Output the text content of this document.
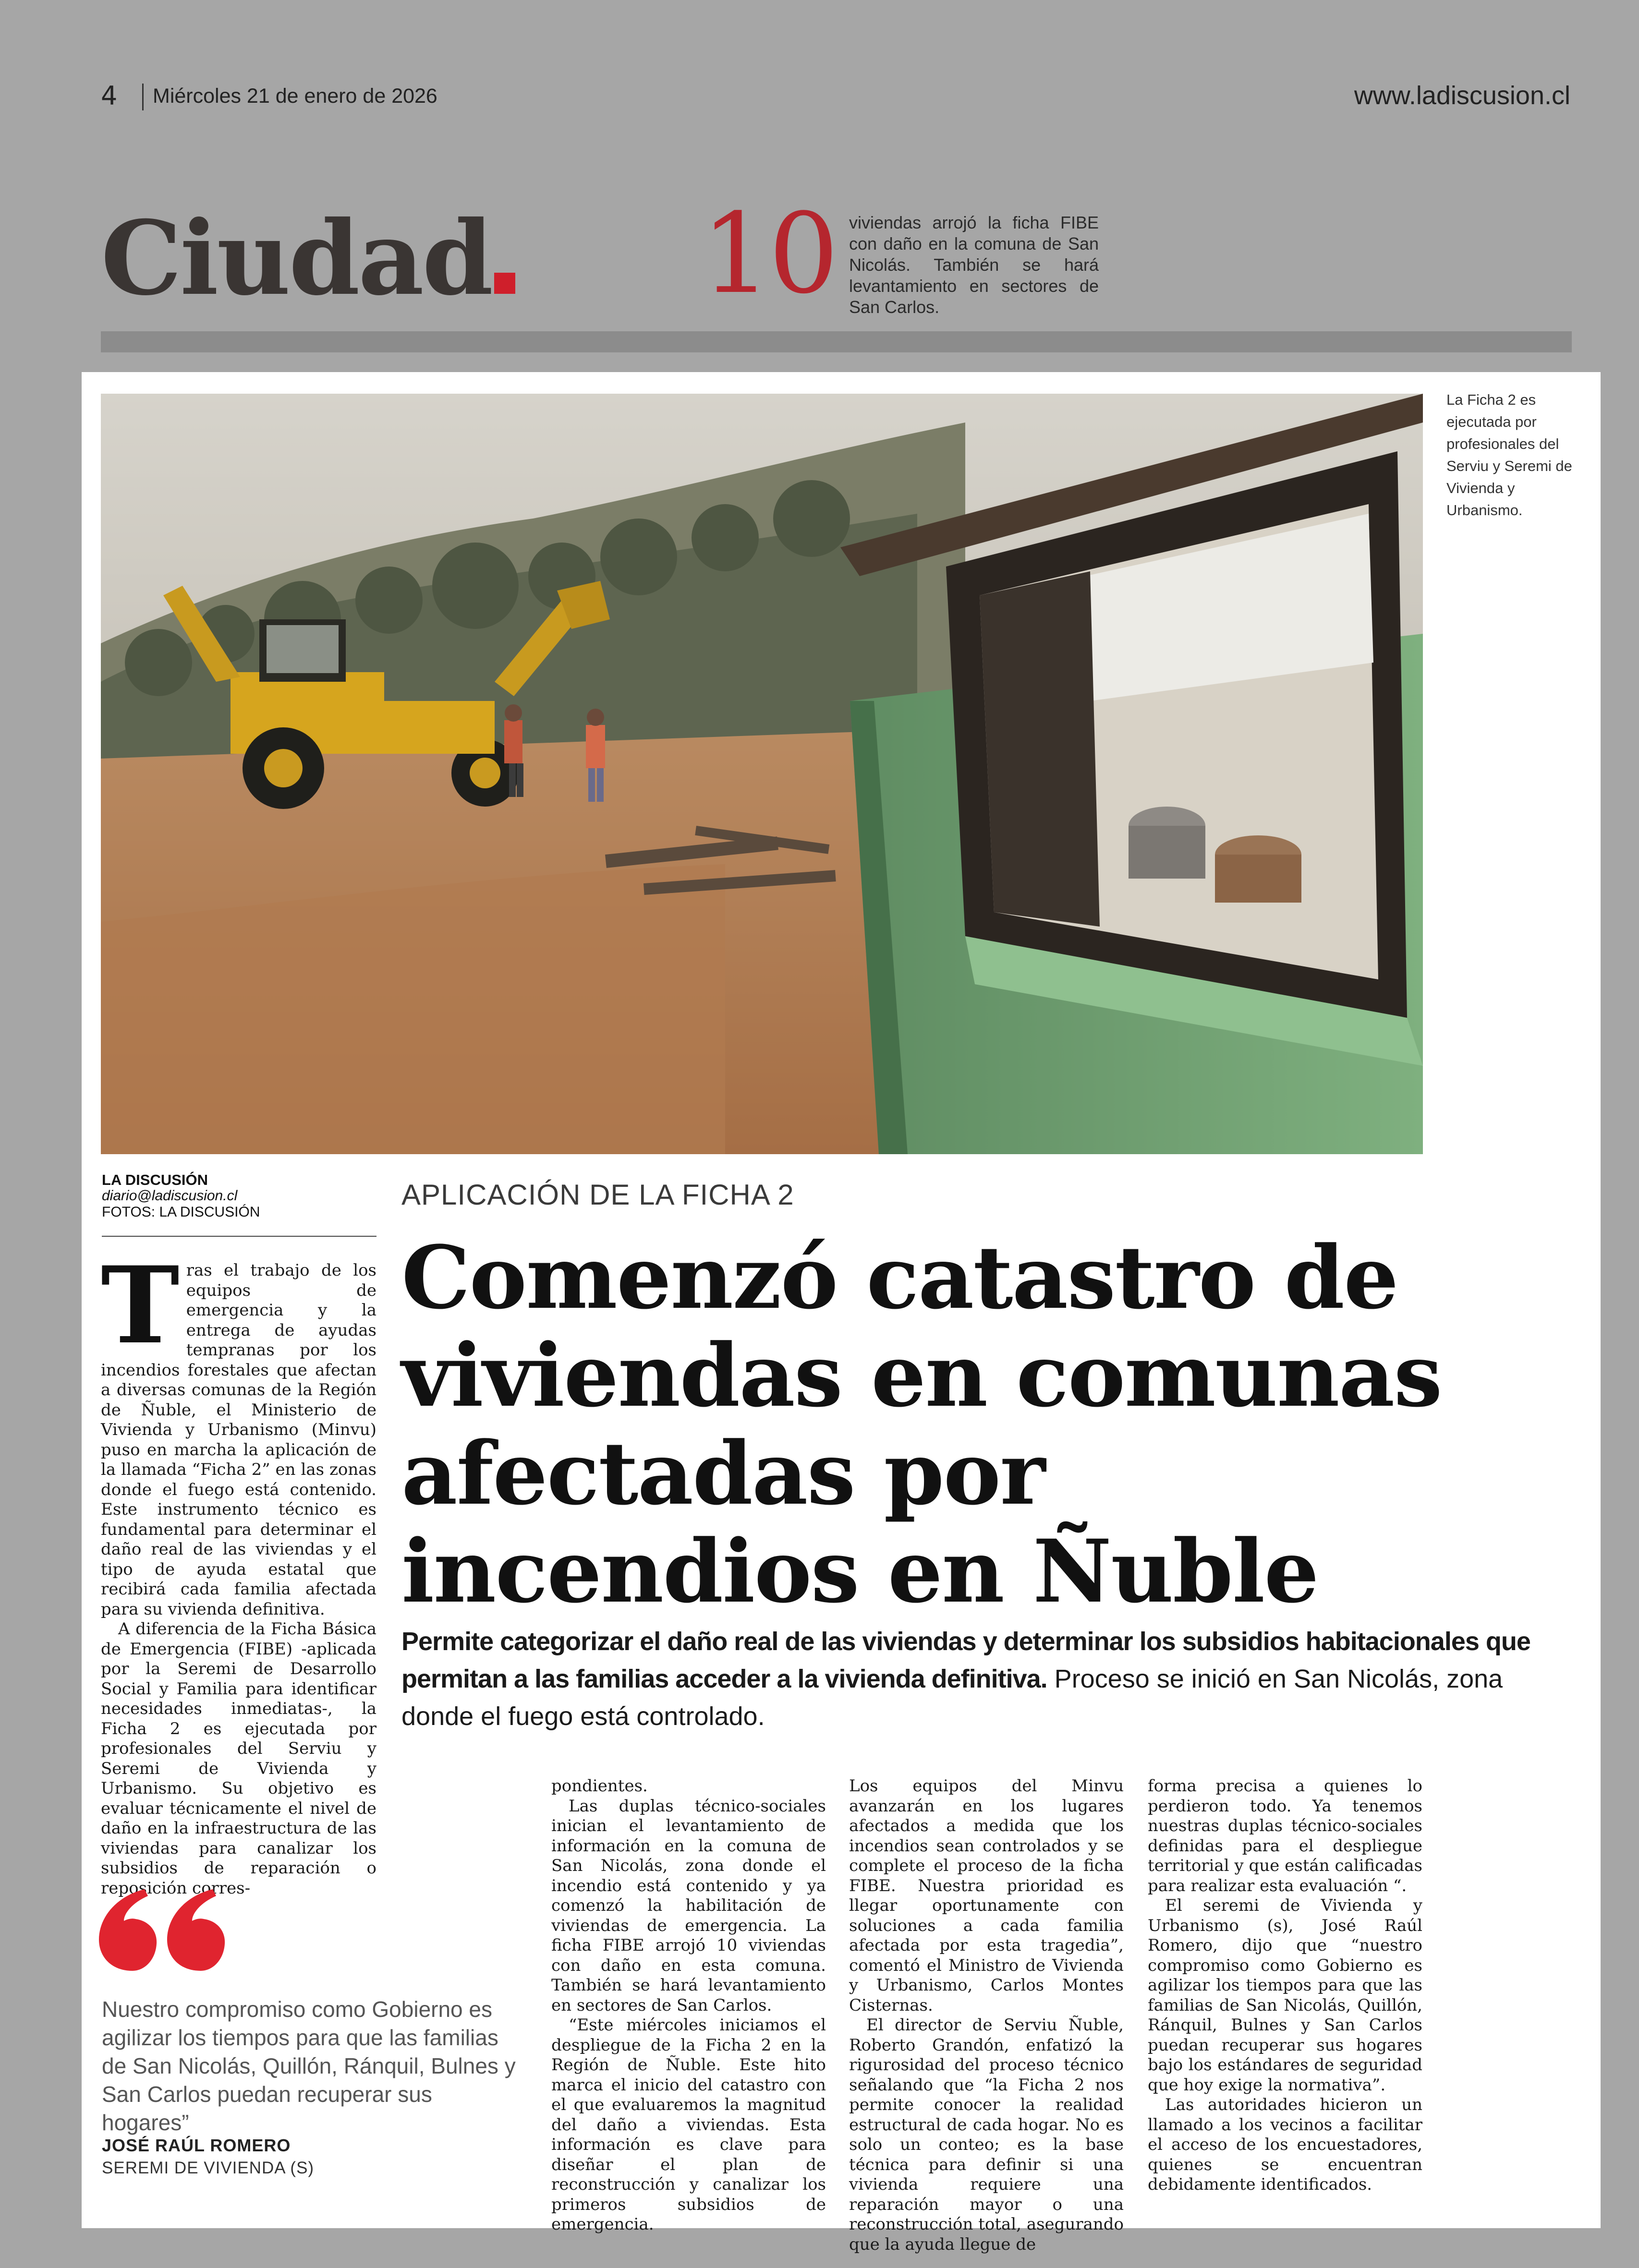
4 Miércoles 21 de enero de 2026	www.ladiscusion.cl
Ciudad 10 viviendas arrojó la ficha FIBE con daño en la comuna de San Nicolás. También se hará levantamiento en sectores de San Carlos.
La Ficha 2 es ejecutada por profesionales del Serviu y Seremi de Vivienda y Urbanismo.
LA DISCUSIÓN
diario@ladiscusion.cl
FOTOS: LA DISCUSIÓN
APLICACIÓN DE LA FICHA 2
Comenzó catastro de viviendas en comunas afectadas por incendios en Ñuble
Permite categorizar el daño real de las viviendas y determinar los subsidios habitacionales que permitan a las familias acceder a la vivienda definitiva. Proceso se inició en San Nicolás, zona donde el fuego está controlado.
T ras el trabajo de los equipos de emergencia y la entrega de ayudas tempranas por los incendios forestales que afectan a diversas comunas de la Región de Ñuble, el Ministerio de Vivienda y Urbanismo (Minvu) puso en marcha la aplicación de la llamada “Ficha 2” en las zonas donde el fuego está contenido. Este instrumento técnico es fundamental para determinar el daño real de las viviendas y el tipo de ayuda estatal que recibirá cada familia afectada para su vivienda definitiva.

A diferencia de la Ficha Básica de Emergencia (FIBE) -aplicada por la Seremi de Desarrollo Social y Familia para identificar necesidades inmediatas-, la Ficha 2 es ejecutada por profesionales del Serviu y Seremi de Vivienda y Urbanismo. Su objetivo es evaluar técnicamente el nivel de daño en la infraestructura de las viviendas para canalizar los subsidios de reparación o reposición corres-

pondientes.

Las duplas técnico-sociales inician el levantamiento de información en la comuna de San Nicolás, zona donde el incendio está contenido y ya comenzó la habilitación de viviendas de emergencia. La ficha FIBE arrojó 10 viviendas con daño en esta comuna. También se hará levantamiento en sectores de San Carlos.

“Este miércoles iniciamos el despliegue de la Ficha 2 en la Región de Ñuble. Este hito marca el inicio del catastro con el que evaluaremos la magnitud del daño a viviendas. Esta información es clave para diseñar el plan de reconstrucción y canalizar los primeros subsidios de emergencia.

Los equipos del Minvu avanzarán en los lugares afectados a medida que los incendios sean controlados y se complete el proceso de la ficha FIBE. Nuestra prioridad es llegar oportunamente con soluciones a cada familia afectada por esta tragedia”, comentó el Ministro de Vivienda y Urbanismo, Carlos Montes Cisternas.

El director de Serviu Ñuble, Roberto Grandón, enfatizó la rigurosidad del proceso técnico señalando que “la Ficha 2 nos permite conocer la realidad estructural de cada hogar. No es solo un conteo; es la base técnica para definir si una vivienda requiere una reparación mayor o una reconstrucción total, asegurando que la ayuda llegue de

forma precisa a quienes lo perdieron todo. Ya tenemos nuestras duplas técnico-sociales definidas para el despliegue territorial y que están calificadas para realizar esta evaluación “.

El seremi de Vivienda y Urbanismo (s), José Raúl Romero, dijo que “nuestro compromiso como Gobierno es agilizar los tiempos para que las familias de San Nicolás, Quillón, Ránquil, Bulnes y San Carlos puedan recuperar sus hogares bajo los estándares de seguridad que hoy exige la normativa”.

Las autoridades hicieron un llamado a los vecinos a facilitar el acceso de los encuestadores, quienes se encuentran debidamente identificados.

Nuestro compromiso como Gobierno es agilizar los tiempos para que las familias de San Nicolás, Quillón, Ránquil, Bulnes y San Carlos puedan recuperar sus hogares”
JOSÉ RAÚL ROMERO
SEREMI DE VIVIENDA (S)
